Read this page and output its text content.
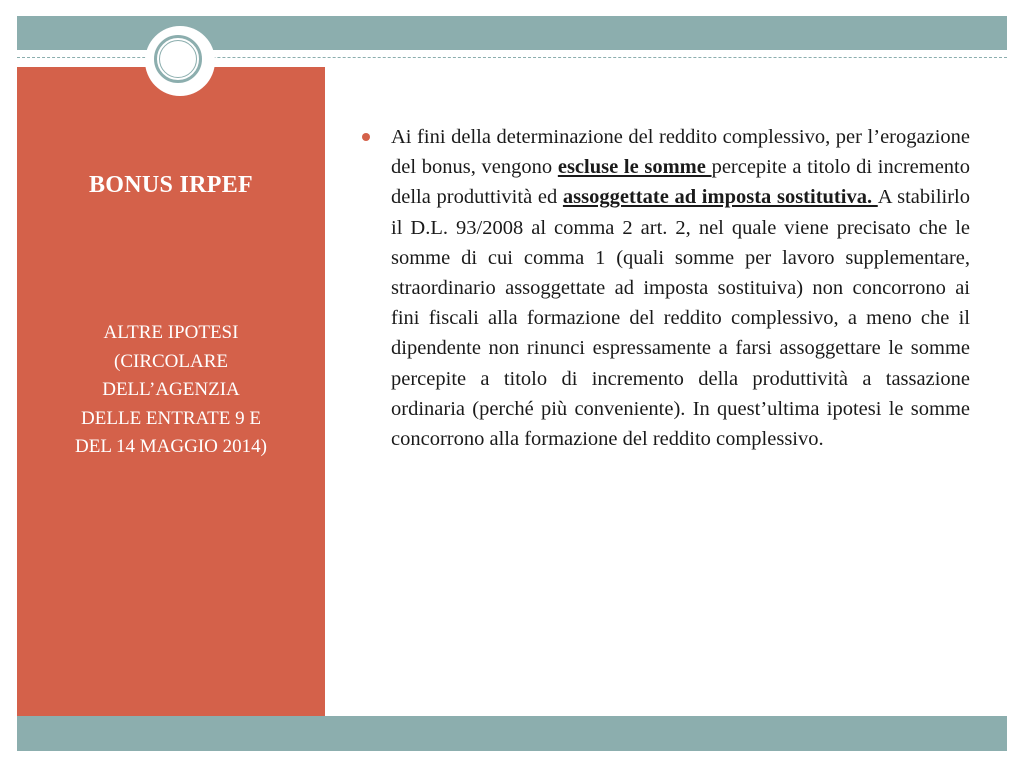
BONUS IRPEF
ALTRE IPOTESI
(CIRCOLARE
DELL’AGENZIA
DELLE ENTRATE 9 E
DEL 14 MAGGIO 2014)

Ai fini della determinazione del reddito complessivo, per l’erogazione del bonus, vengono escluse le somme percepite a titolo di incremento della produttività ed assoggettate ad imposta sostitutiva. A stabilirlo il D.L. 93/2008 al comma 2 art. 2, nel quale viene precisato che le somme di cui comma 1 (quali somme per lavoro supplementare, straordinario assoggettate ad imposta sostituiva) non concorrono ai fini fiscali alla formazione del reddito complessivo, a meno che il dipendente non rinunci espressamente a farsi assoggettare le somme percepite a titolo di incremento della produttività a tassazione ordinaria (perché più conveniente). In quest’ultima ipotesi le somme concorrono alla formazione del reddito complessivo.
